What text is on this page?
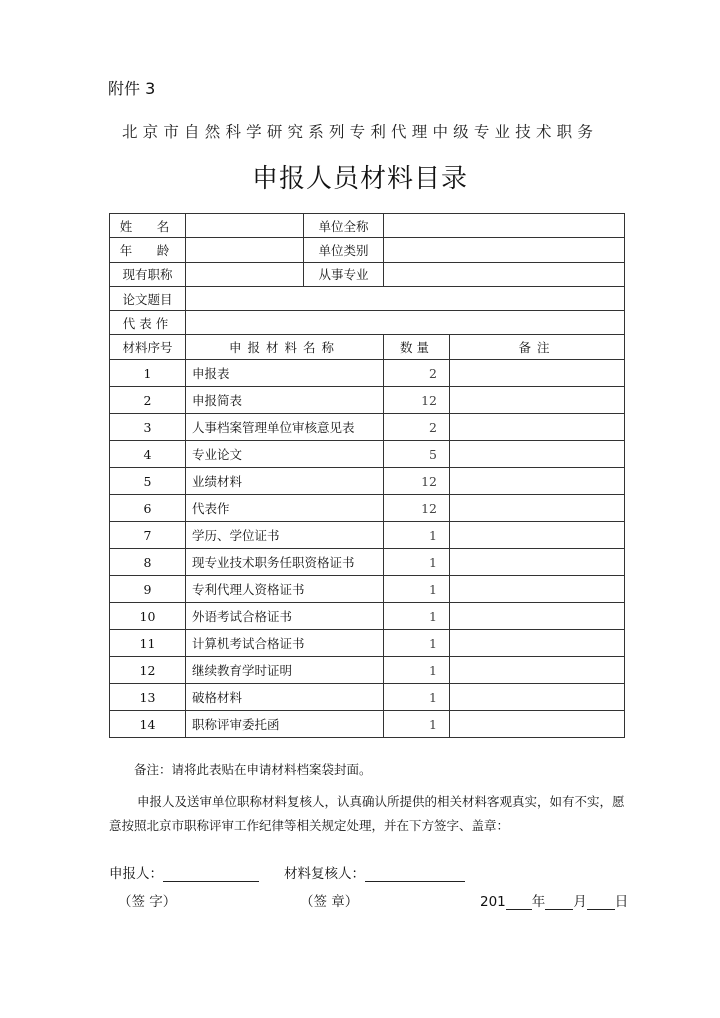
附件 3
北京市自然科学研究系列专利代理中级专业技术职务
申报人员材料目录
姓　名		单位全称		
年　龄		单位类别		
现有职称		从事专业		
论文题目				
代表作				
材料序号	申报材料名称		数量	备注
1	申报表		2	
2	申报简表		12	
3	人事档案管理单位审核意见表		2	
4	专业论文		5	
5	业绩材料		12	
6	代表作		12	
7	学历、学位证书		1	
8	现专业技术职务任职资格证书		1	
9	专利代理人资格证书		1	
10	外语考试合格证书		1	
11	计算机考试合格证书		1	
12	继续教育学时证明		1	
13	破格材料		1	
14	职称评审委托函		1	
备注：请将此表贴在申请材料档案袋封面。
申报人及送审单位职称材料复核人，认真确认所提供的相关材料客观真实，如有不实，愿意按照北京市职称评审工作纪律等相关规定处理，并在下方签字、盖章：
申报人：	材料复核人：
（签 字）	（签 章）	201 年 月 日
